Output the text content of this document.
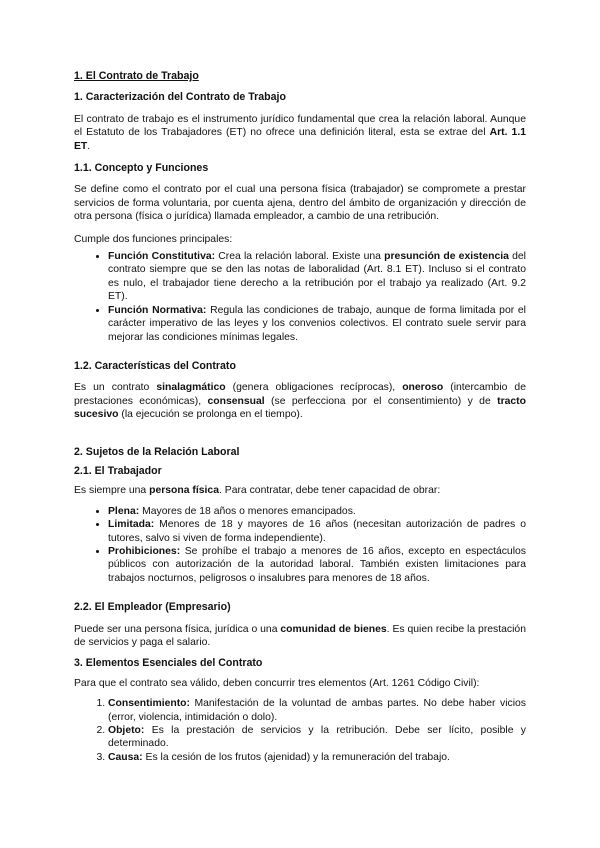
1. El Contrato de Trabajo
1. Caracterización del Contrato de Trabajo

El contrato de trabajo es el instrumento jurídico fundamental que crea la relación laboral. Aunque el Estatuto de los Trabajadores (ET) no ofrece una definición literal, esta se extrae del Art. 1.1 ET.

1.1. Concepto y Funciones

Se define como el contrato por el cual una persona física (trabajador) se compromete a prestar servicios de forma voluntaria, por cuenta ajena, dentro del ámbito de organización y dirección de otra persona (física o jurídica) llamada empleador, a cambio de una retribución.

Cumple dos funciones principales:

• Función Constitutiva: Crea la relación laboral. Existe una presunción de existencia del contrato siempre que se den las notas de laboralidad (Art. 8.1 ET). Incluso si el contrato es nulo, el trabajador tiene derecho a la retribución por el trabajo ya realizado (Art. 9.2 ET).
• Función Normativa: Regula las condiciones de trabajo, aunque de forma limitada por el carácter imperativo de las leyes y los convenios colectivos. El contrato suele servir para mejorar las condiciones mínimas legales.
1.2. Características del Contrato

Es un contrato sinalagmático (genera obligaciones recíprocas), oneroso (intercambio de prestaciones económicas), consensual (se perfecciona por el consentimiento) y de tracto sucesivo (la ejecución se prolonga en el tiempo).

2. Sujetos de la Relación Laboral
2.1. El Trabajador

Es siempre una persona física. Para contratar, debe tener capacidad de obrar:

• Plena: Mayores de 18 años o menores emancipados.
• Limitada: Menores de 18 y mayores de 16 años (necesitan autorización de padres o tutores, salvo si viven de forma independiente).
• Prohibiciones: Se prohíbe el trabajo a menores de 16 años, excepto en espectáculos públicos con autorización de la autoridad laboral. También existen limitaciones para trabajos nocturnos, peligrosos o insalubres para menores de 18 años.
2.2. El Empleador (Empresario)

Puede ser una persona física, jurídica o una comunidad de bienes. Es quien recibe la prestación de servicios y paga el salario.

3. Elementos Esenciales del Contrato

Para que el contrato sea válido, deben concurrir tres elementos (Art. 1261 Código Civil):

1. Consentimiento: Manifestación de la voluntad de ambas partes. No debe haber vicios (error, violencia, intimidación o dolo).
2. Objeto: Es la prestación de servicios y la retribución. Debe ser lícito, posible y determinado.
3. Causa: Es la cesión de los frutos (ajenidad) y la remuneración del trabajo.
